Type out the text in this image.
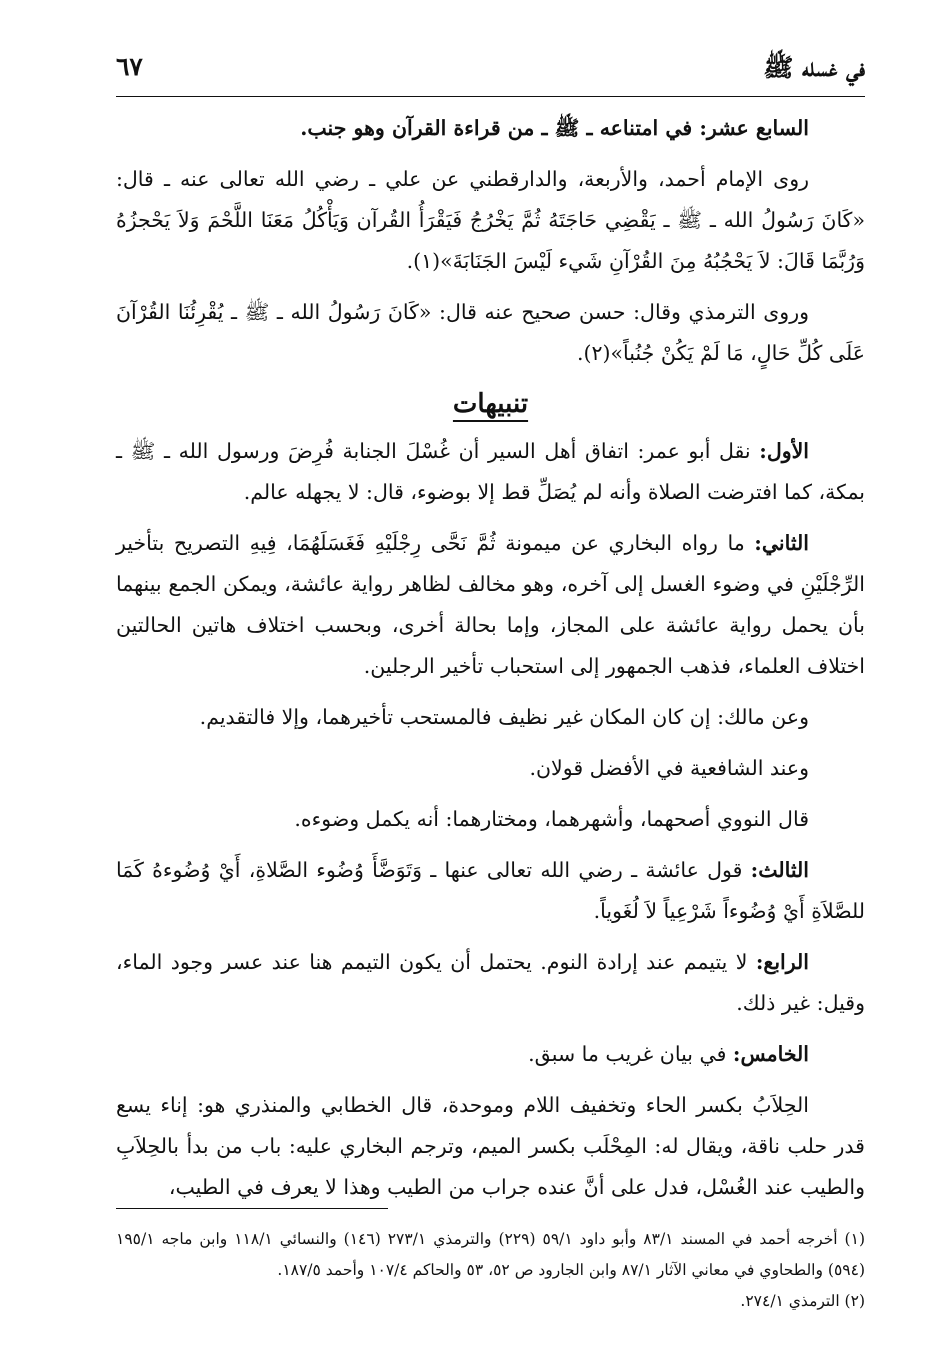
في غسله ﷺ
٦٧

السابع عشر: في امتناعه ـ ﷺ ـ من قراءة القرآن وهو جنب.

روى الإمام أحمد، والأربعة، والدارقطني عن علي ـ رضي الله تعالى عنه ـ قال: «كَانَ رَسُولُ الله ـ ﷺ ـ يَقْضِي حَاجَتَهُ ثُمَّ يَخْرُجُ فَيَقْرَأُ القُرآن وَيَأْكُلُ مَعَنَا اللَّحْمَ وَلاَ يَحْجزُهُ وَرُبَّمَا قَالَ: لاَ يَحْجُبُهُ مِنَ القُرْآنِ شَيء لَيْسَ الجَنَابَةَ»(١).

وروى الترمذي وقال: حسن صحيح عنه قال: «كَانَ رَسُولُ الله ـ ﷺ ـ يُقْرِئُنَا القُرْآنَ عَلَى كُلِّ حَالٍ، مَا لَمْ يَكُنْ جُنُباً»(٢).

تنبيهات

الأول: نقل أبو عمر: اتفاق أهل السير أن غُسْلَ الجنابة فُرِضَ ورسول الله ـ ﷺ ـ بمكة، كما افترضت الصلاة وأنه لم يُصَلِّ قط إلا بوضوء، قال: لا يجهله عالم.

الثاني: ما رواه البخاري عن ميمونة ثُمَّ نَحَّى رِجْلَيْهِ فَغَسَلَهُمَا، فِيهِ التصريح بتأخير الرِّجْلَيْنِ في وضوء الغسل إلى آخره، وهو مخالف لظاهر رواية عائشة، ويمكن الجمع بينهما بأن يحمل رواية عائشة على المجاز، وإما بحالة أخرى، وبحسب اختلاف هاتين الحالتين اختلاف العلماء، فذهب الجمهور إلى استحباب تأخير الرجلين.

وعن مالك: إن كان المكان غير نظيف فالمستحب تأخيرهما، وإلا فالتقديم.

وعند الشافعية في الأفضل قولان.

قال النووي أصحهما، وأشهرهما، ومختارهما: أنه يكمل وضوءه.

الثالث: قول عائشة ـ رضي الله تعالى عنها ـ وَتَوَضَّأَ وُضُوء الصَّلاةِ، أَيْ وُضُوءهُ كَمَا للصَّلاَةِ أَيْ وُضُوءاً شَرْعِياً لاَ لُغَوياً.

الرابع: لا يتيمم عند إرادة النوم. يحتمل أن يكون التيمم هنا عند عسر وجود الماء، وقيل: غير ذلك.

الخامس: في بيان غريب ما سبق.

الحِلاَبُ بكسر الحاء وتخفيف اللام وموحدة، قال الخطابي والمنذري هو: إناء يسع قدر حلب ناقة، ويقال له: المِحْلَب بكسر الميم، وترجم البخاري عليه: باب من بدأ بالحِلاَبِ والطيب عند الغُسْل، فدل على أنَّ عنده جراب من الطيب وهذا لا يعرف في الطيب،

(١) أخرجه أحمد في المسند ٨٣/١ وأبو داود ٥٩/١ (٢٢٩) والترمذي ٢٧٣/١ (١٤٦) والنسائي ١١٨/١ وابن ماجه ١٩٥/١ (٥٩٤) والطحاوي في معاني الآثار ٨٧/١ وابن الجارود ص ٥٢، ٥٣ والحاكم ١٠٧/٤ وأحمد ١٨٧/٥.

(٢) الترمذي ٢٧٤/١.
